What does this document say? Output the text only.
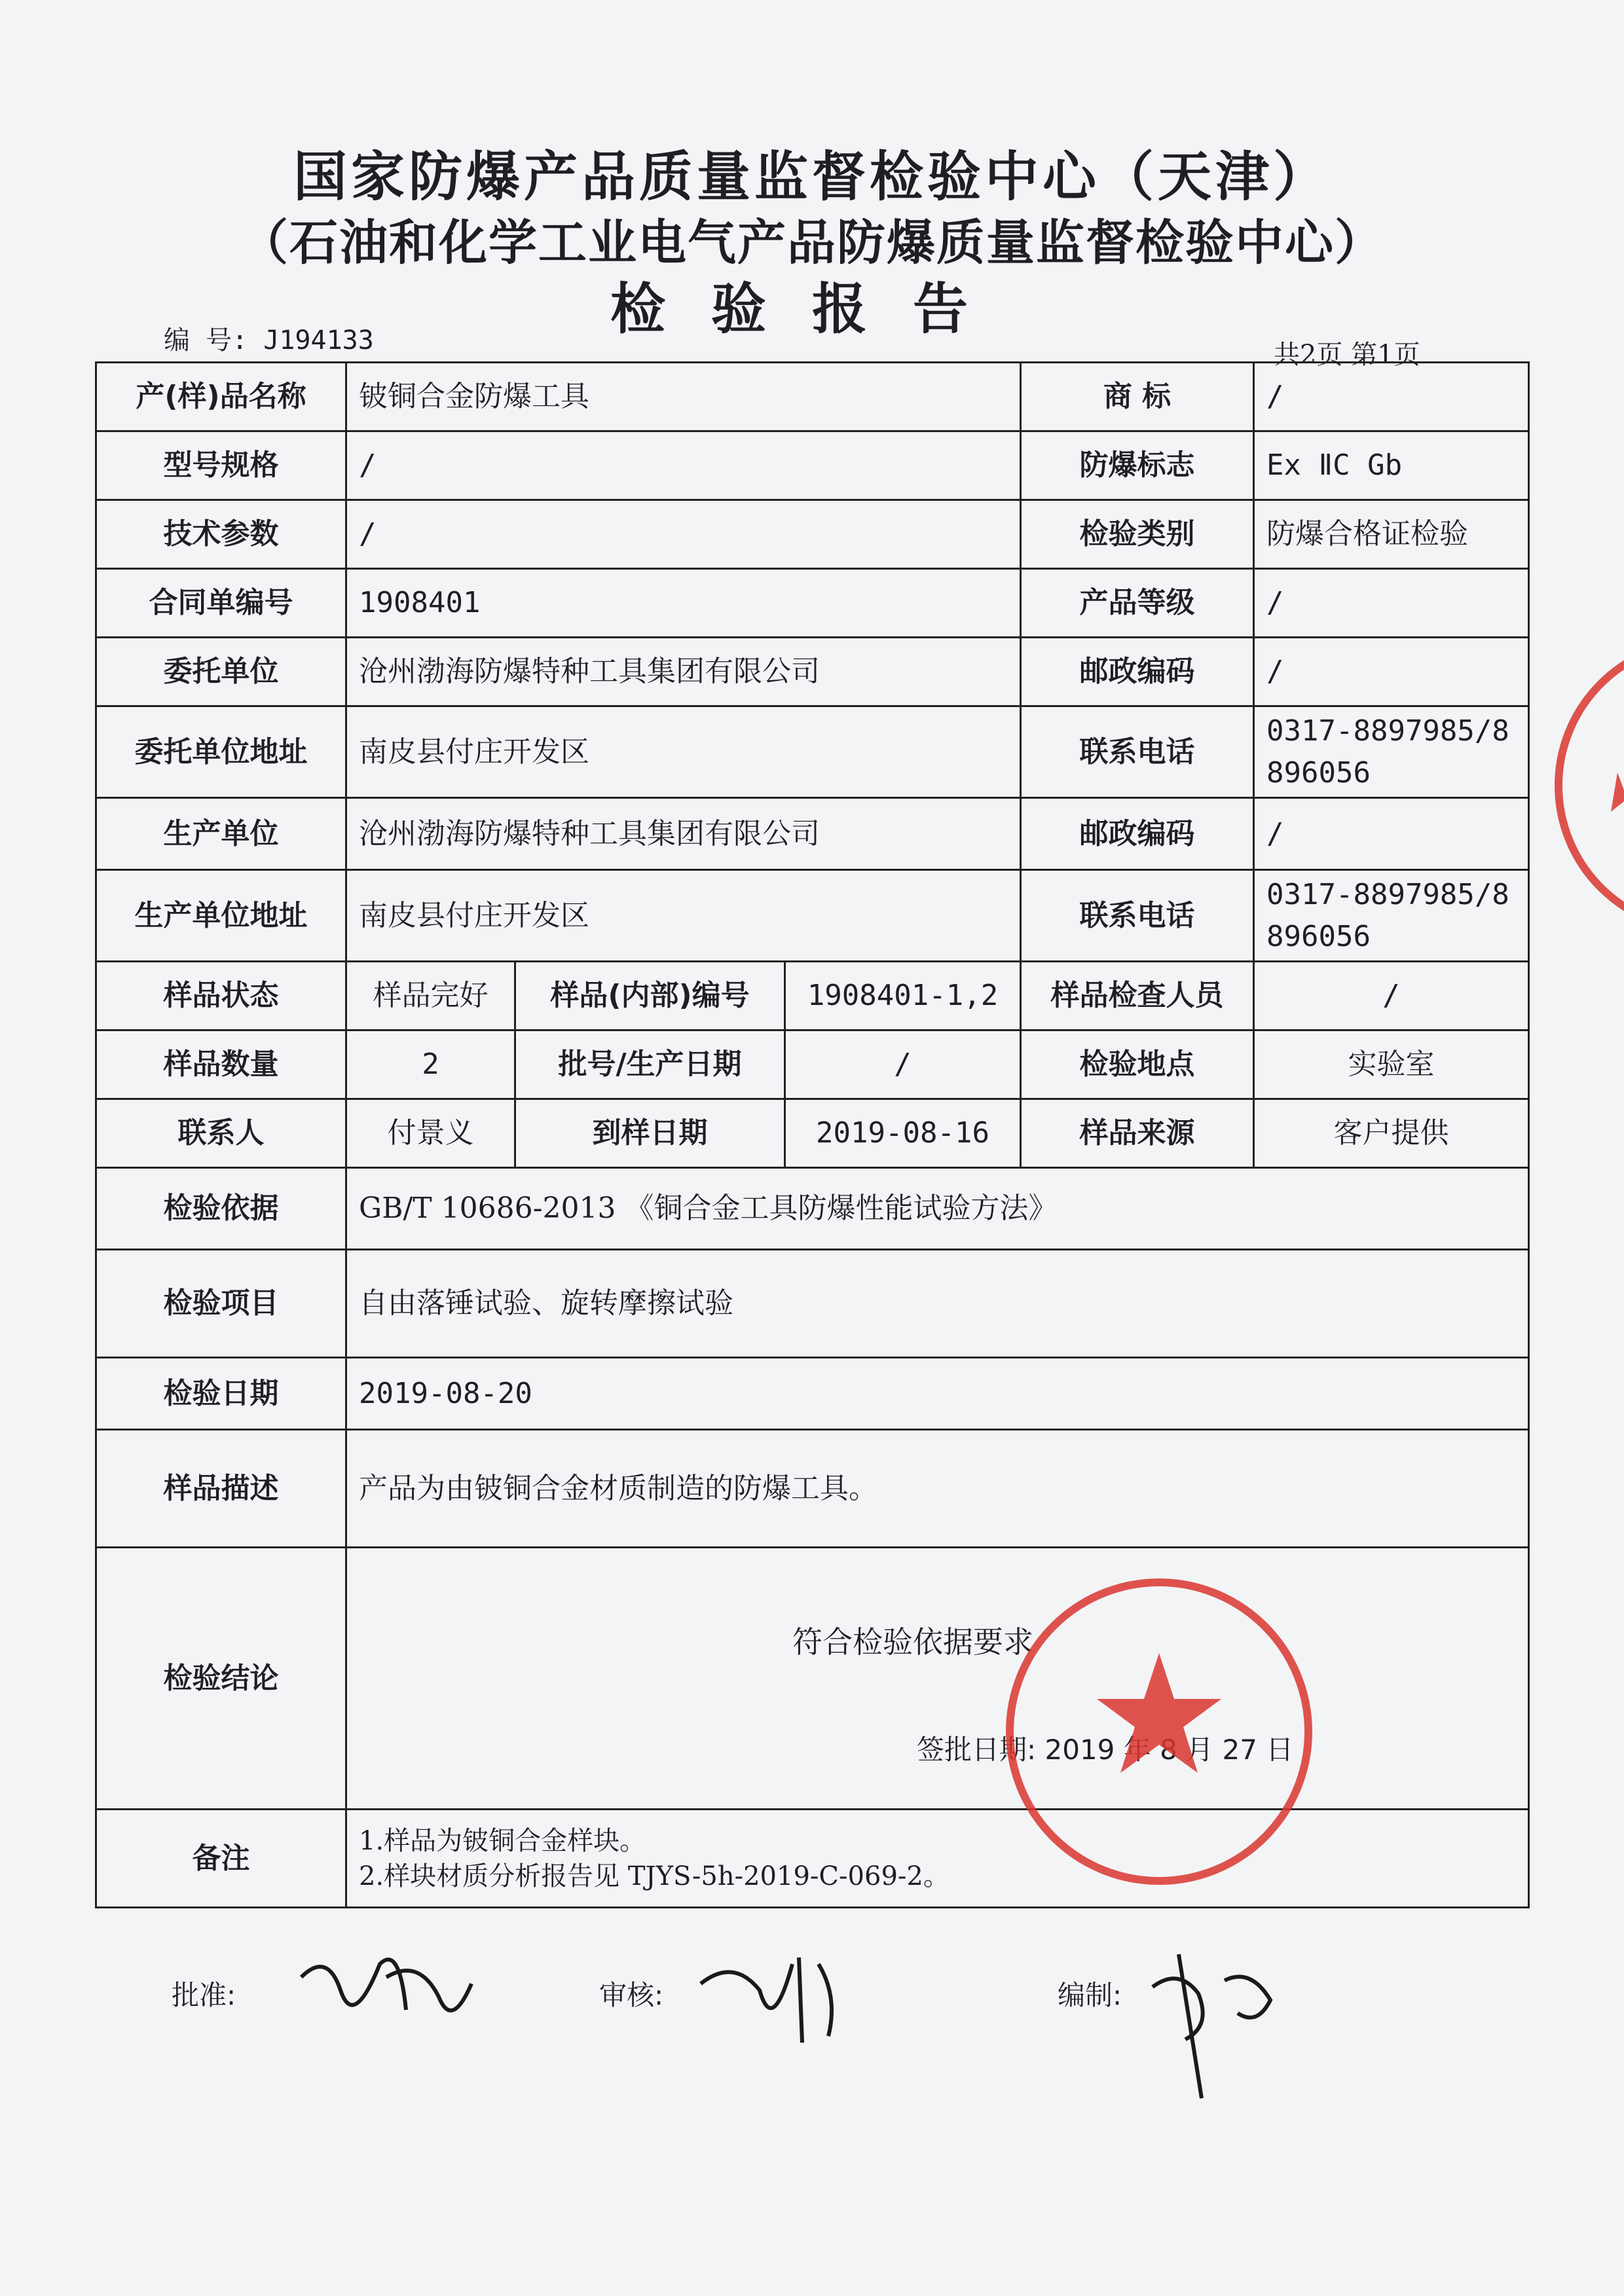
国家防爆产品质量监督检验中心（天津）
（石油和化学工业电气产品防爆质量监督检验中心）
检验报告
编 号: J194133	共2页 第1页
产(样)品名称	铍铜合金防爆工具			商 标	/
型号规格	/			防爆标志	Ex ⅡC Gb
技术参数	/			检验类别	防爆合格证检验
合同单编号	1908401			产品等级	/
委托单位	沧州渤海防爆特种工具集团有限公司			邮政编码	/
委托单位地址	南皮县付庄开发区			联系电话	0317-8897985/8
896056

生产单位	沧州渤海防爆特种工具集团有限公司			邮政编码	/
生产单位地址	南皮县付庄开发区			联系电话	0317-8897985/8
896056

样品状态	样品完好	样品(内部)编号	1908401-1,2	样品检查人员	/
样品数量	2	批号/生产日期	/	检验地点	实验室
联系人	付景义	到样日期	2019-08-16	样品来源	客户提供
检验依据	GB/T 10686-2013 《铜合金工具防爆性能试验方法》				
检验项目	自由落锤试验、旋转摩擦试验				
检验日期	2019-08-20				
样品描述	产品为由铍铜合金材质制造的防爆工具。				
检验结论	符合检验依据要求
签批日期: 2019 年 8 月 27 日				

备注	1.样品为铍铜合金样块。
2.样块材质分析报告见 TJYS-5h-2019-C-069-2。				
批准:	审核:	编制:
